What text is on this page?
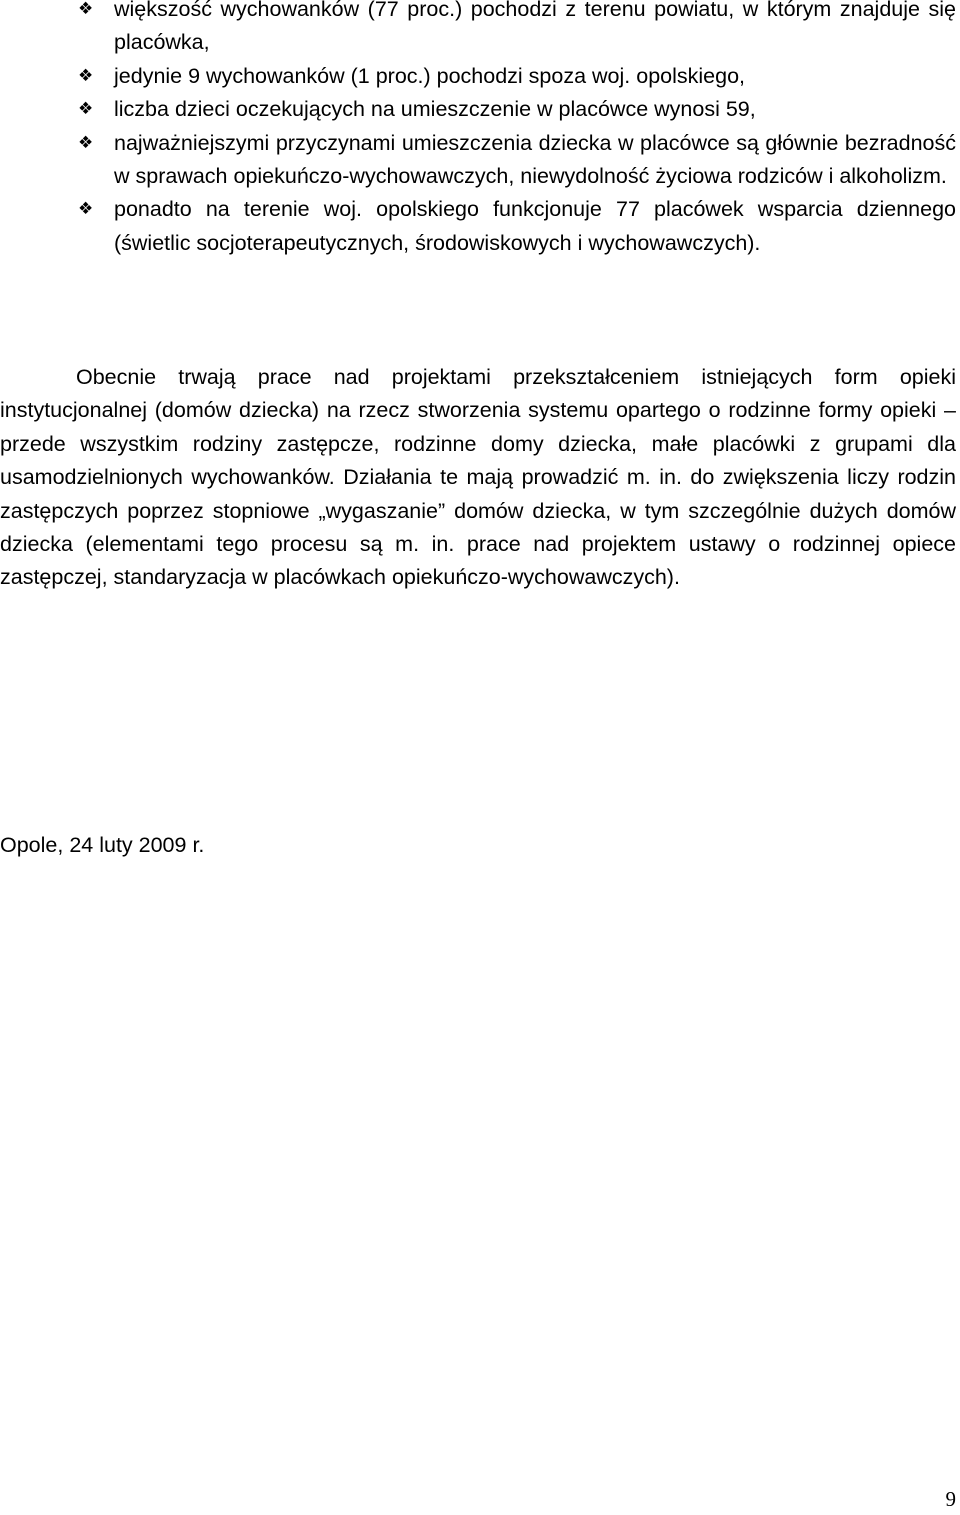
❖ większość wychowanków (77 proc.) pochodzi z terenu powiatu, w którym znajduje się placówka,
❖ jedynie 9 wychowanków (1 proc.) pochodzi spoza woj. opolskiego,
❖ liczba dzieci oczekujących na umieszczenie w placówce wynosi 59,
❖ najważniejszymi przyczynami umieszczenia dziecka w placówce są głównie bezradność w sprawach opiekuńczo-wychowawczych, niewydolność życiowa rodziców i alkoholizm.
❖ ponadto na terenie woj. opolskiego funkcjonuje 77 placówek wsparcia dziennego (świetlic socjoterapeutycznych, środowiskowych i wychowawczych).

Obecnie trwają prace nad projektami przekształceniem istniejących form opieki instytucjonalnej (domów dziecka) na rzecz stworzenia systemu opartego o rodzinne formy opieki – przede wszystkim rodziny zastępcze, rodzinne domy dziecka, małe placówki z grupami dla usamodzielnionych wychowanków. Działania te mają prowadzić m. in. do zwiększenia liczy rodzin zastępczych poprzez stopniowe „wygaszanie” domów dziecka, w tym szczególnie dużych domów dziecka (elementami tego procesu są m. in. prace nad projektem ustawy o rodzinnej opiece zastępczej, standaryzacja w placówkach opiekuńczo-wychowawczych).

Opole, 24 luty 2009 r.

9
